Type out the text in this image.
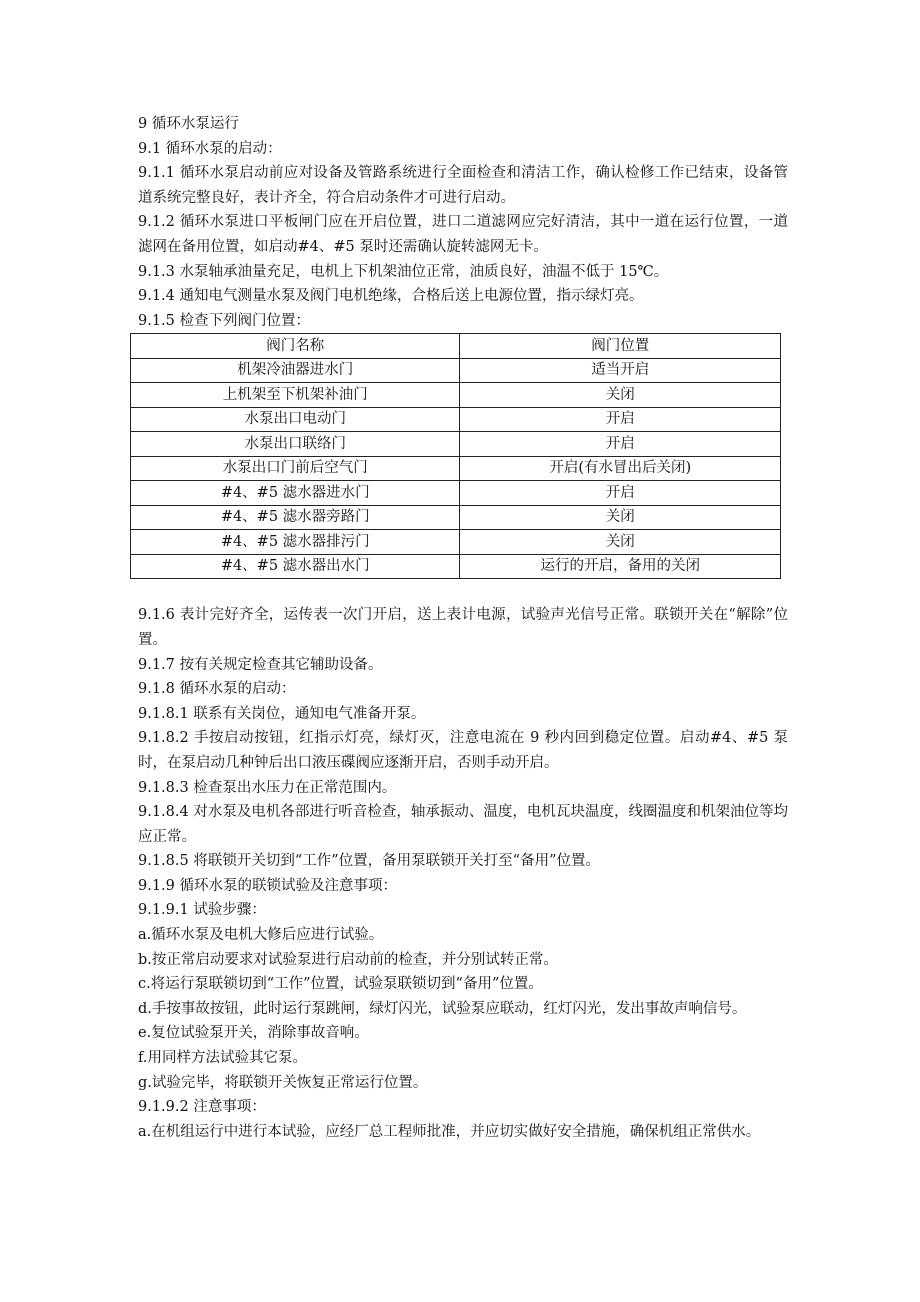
9 循环水泵运行

9.1 循环水泵的启动：

9.1.1 循环水泵启动前应对设备及管路系统进行全面检查和清洁工作，确认检修工作已结束，设备管道系统完整良好，表计齐全，符合启动条件才可进行启动。

9.1.2 循环水泵进口平板闸门应在开启位置，进口二道滤网应完好清洁，其中一道在运行位置，一道滤网在备用位置，如启动#4、#5 泵时还需确认旋转滤网无卡。

9.1.3 水泵轴承油量充足，电机上下机架油位正常，油质良好，油温不低于 15℃。

9.1.4 通知电气测量水泵及阀门电机绝缘，合格后送上电源位置，指示绿灯亮。

9.1.5 检查下列阀门位置：

阀门名称	阀门位置
机架冷油器进水门	适当开启
上机架至下机架补油门	关闭
水泵出口电动门	开启
水泵出口联络门	开启
水泵出口门前后空气门	开启(有水冒出后关闭)
#4、#5 滤水器进水门	开启
#4、#5 滤水器旁路门	关闭
#4、#5 滤水器排污门	关闭
#4、#5 滤水器出水门	运行的开启，备用的关闭

9.1.6 表计完好齐全，运传表一次门开启，送上表计电源，试验声光信号正常。联锁开关在“解除”位置。

9.1.7 按有关规定检查其它辅助设备。

9.1.8 循环水泵的启动：

9.1.8.1 联系有关岗位，通知电气准备开泵。

9.1.8.2 手按启动按钮，红指示灯亮，绿灯灭，注意电流在 9 秒内回到稳定位置。启动#4、#5 泵时，在泵启动几种钟后出口液压碟阀应逐渐开启，否则手动开启。

9.1.8.3 检查泵出水压力在正常范围内。

9.1.8.4 对水泵及电机各部进行听音检查，轴承振动、温度，电机瓦块温度，线圈温度和机架油位等均应正常。

9.1.8.5 将联锁开关切到“工作”位置，备用泵联锁开关打至“备用”位置。

9.1.9 循环水泵的联锁试验及注意事项：

9.1.9.1 试验步骤：

a.循环水泵及电机大修后应进行试验。

b.按正常启动要求对试验泵进行启动前的检查，并分别试转正常。

c.将运行泵联锁切到“工作”位置，试验泵联锁切到“备用”位置。

d.手按事故按钮，此时运行泵跳闸，绿灯闪光，试验泵应联动，红灯闪光，发出事故声响信号。

e.复位试验泵开关，消除事故音响。

f.用同样方法试验其它泵。

g.试验完毕，将联锁开关恢复正常运行位置。

9.1.9.2 注意事项：

a.在机组运行中进行本试验，应经厂总工程师批准，并应切实做好安全措施，确保机组正常供水。
